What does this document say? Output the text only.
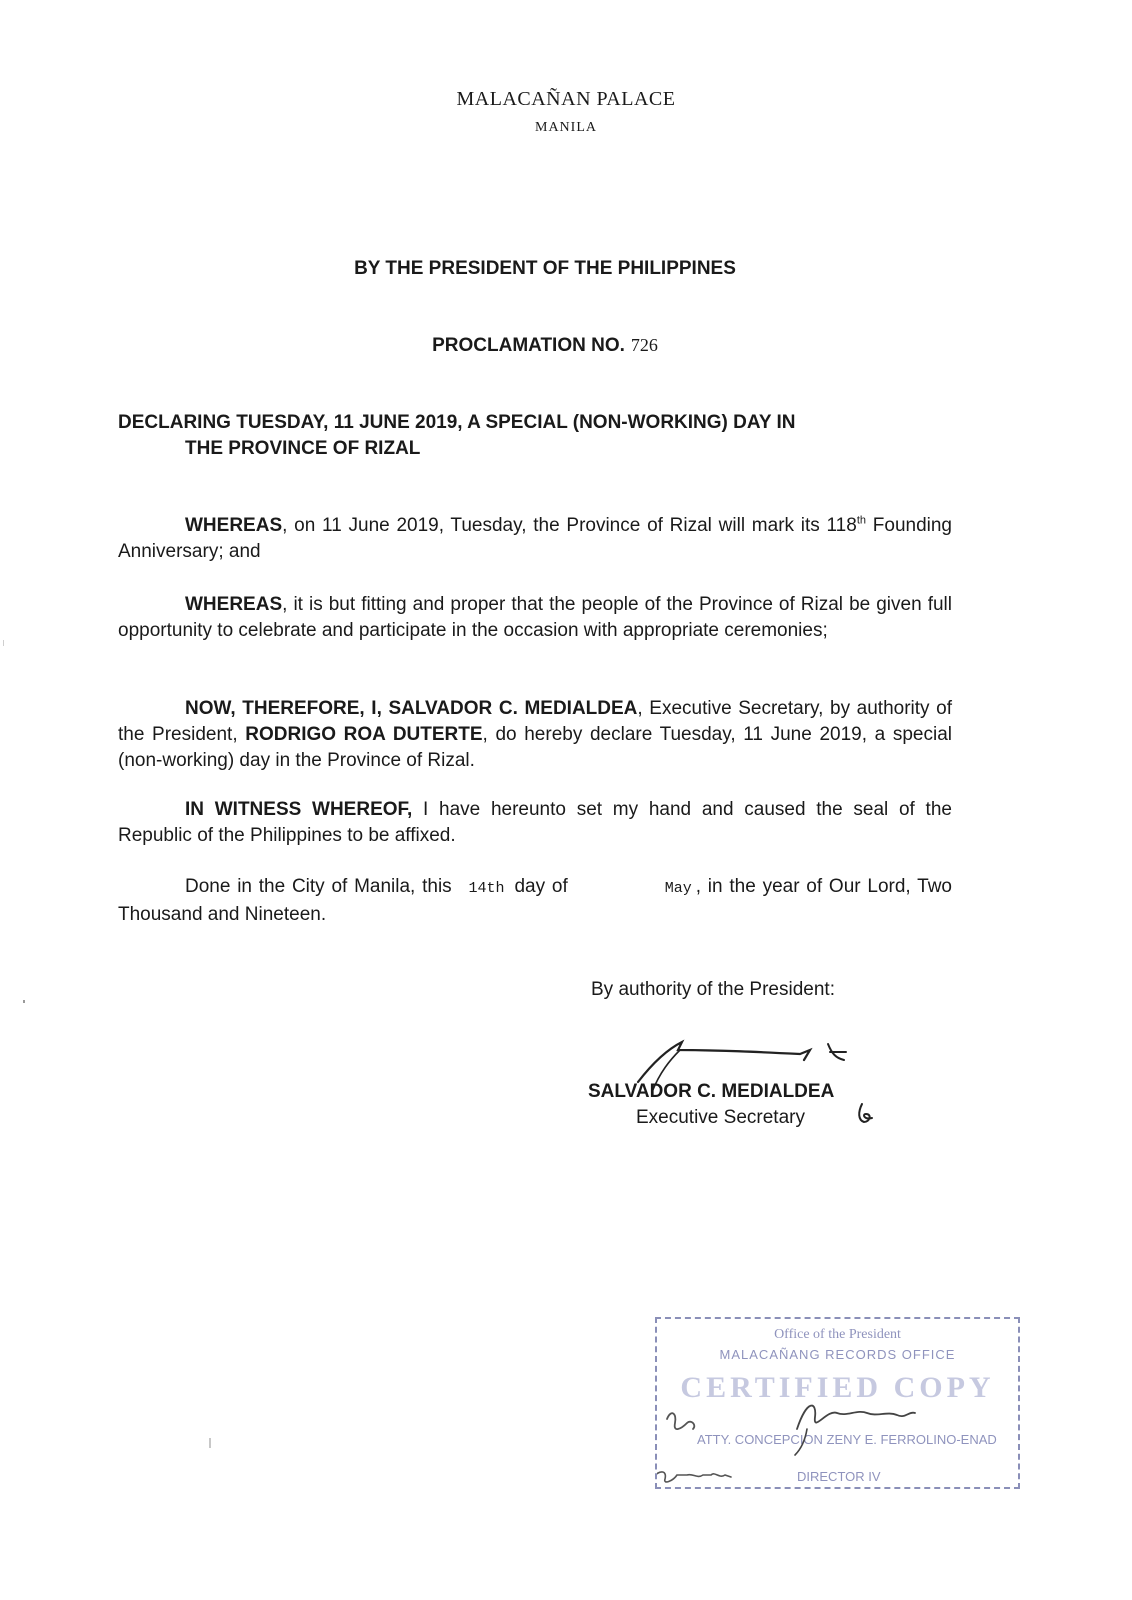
MALACAÑAN PALACE
MANILA
BY THE PRESIDENT OF THE PHILIPPINES
PROCLAMATION NO. 726
DECLARING TUESDAY, 11 JUNE 2019, A SPECIAL (NON-WORKING) DAY IN
THE PROVINCE OF RIZAL
WHEREAS, on 11 June 2019, Tuesday, the Province of Rizal will mark its 118th Founding Anniversary; and
WHEREAS, it is but fitting and proper that the people of the Province of Rizal be given full opportunity to celebrate and participate in the occasion with appropriate ceremonies;
NOW, THEREFORE, I, SALVADOR C. MEDIALDEA, Executive Secretary, by authority of the President, RODRIGO ROA DUTERTE, do hereby declare Tuesday, 11 June 2019, a special (non-working) day in the Province of Rizal.
IN WITNESS WHEREOF, I have hereunto set my hand and caused the seal of the Republic of the Philippines to be affixed.
Done in the City of Manila, this 14th day of	May , in the year of Our Lord, Two Thousand and Nineteen.
By authority of the President:
SALVADOR C. MEDIALDEA
Executive Secretary
Office of the President
MALACAÑANG RECORDS OFFICE
CERTIFIED COPY
ATTY. CONCEPCION ZENY E. FERROLINO-ENAD
DIRECTOR IV
